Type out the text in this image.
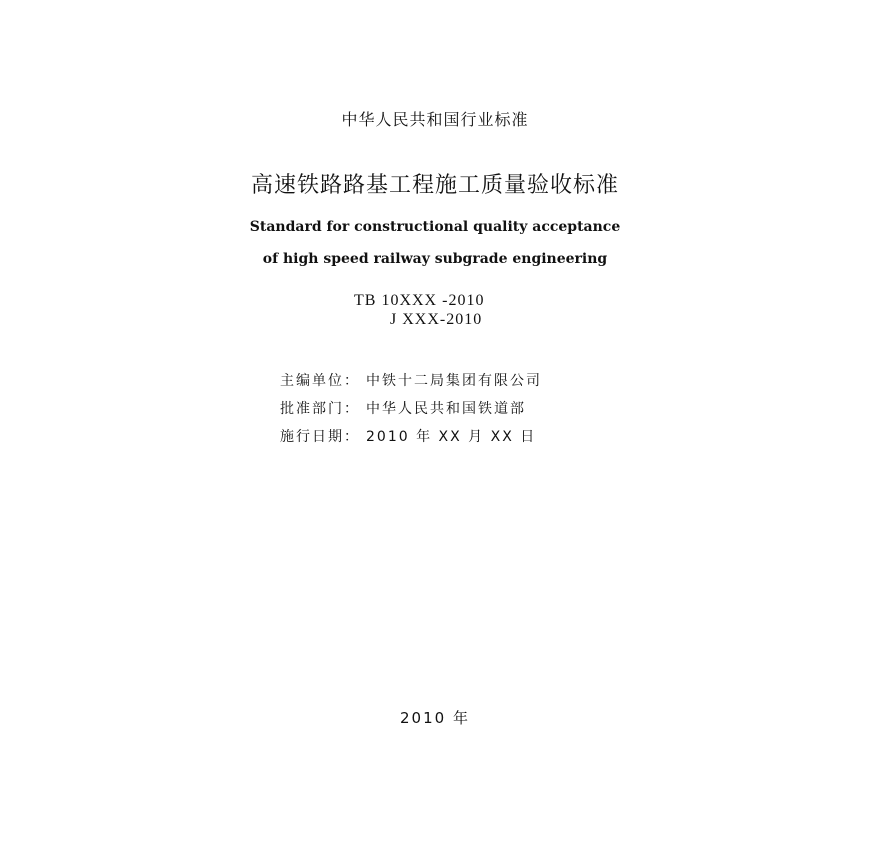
中华人民共和国行业标准
高速铁路路基工程施工质量验收标准
Standard for constructional quality acceptance
of high speed railway subgrade engineering
TB 10XXX -2010
J XXX-2010
主编单位： 中铁十二局集团有限公司
批准部门： 中华人民共和国铁道部
施行日期： 2010 年 XX 月 XX 日
2010 年
